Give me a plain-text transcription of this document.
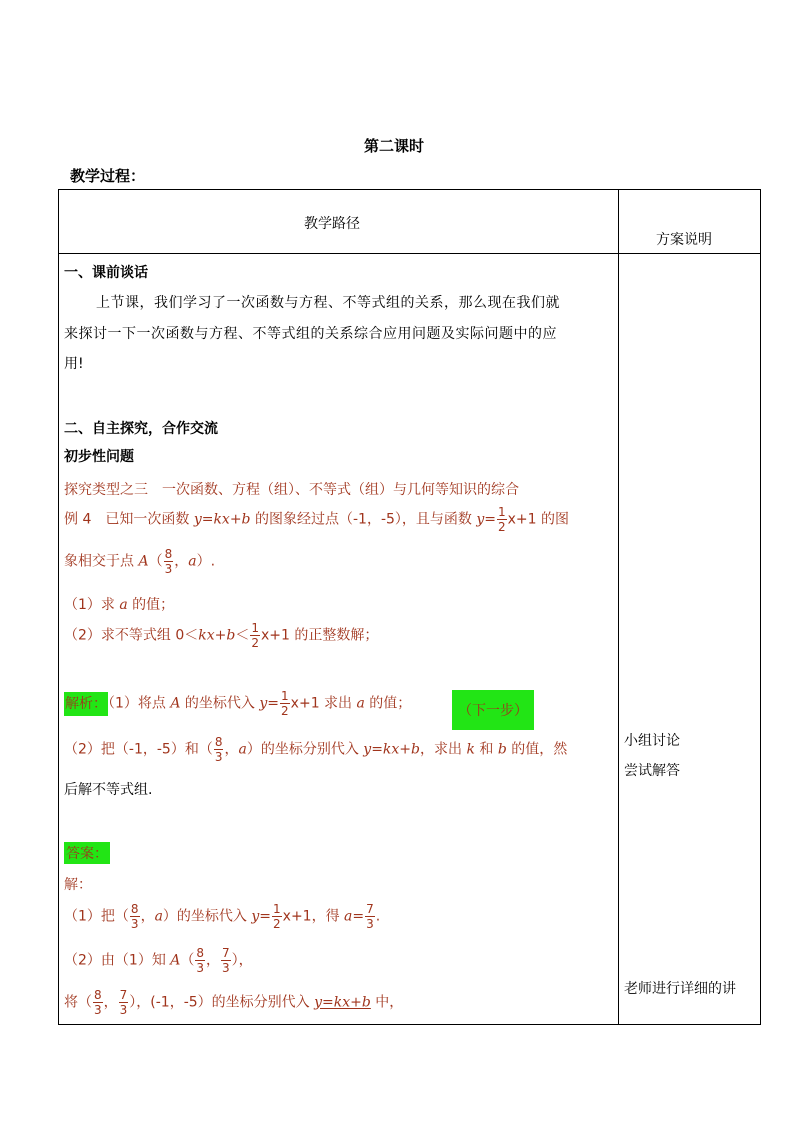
第二课时
教学过程：
教学路径
方案说明
一、课前谈话
上节课，我们学习了一次函数与方程、不等式组的关系，那么现在我们就
来探讨一下一次函数与方程、不等式组的关系综合应用问题及实际问题中的应
用!
二、自主探究，合作交流
初步性问题
探究类型之三　一次函数、方程（组）、不等式（组）与几何等知识的综合
例 4　已知一次函数 y=kx+b 的图象经过点（-1，-5），且与函数 $y= \frac{1}{2} x+1$ 的图
象相交于点 $A( \frac{8}{3}$ ，a）.
（1）求 a 的值；
（2）求不等式组 $0<kx+b< \frac{1}{2} x+1$ 的正整数解；
解析：（1）将点 A 的坐标代入 $y= \frac{1}{2} x+1$ 求出 a 的值；	（下一步）
（2）把（-1，-5）和（ $\frac{8}{3}$ ，a）的坐标分别代入 y=kx+b，求出 k 和 b 的值，然
后解不等式组.
答案：
解：
（1）把（ $\frac{8}{3}$ ，a）的坐标代入 $y= \frac{1}{2} x+1$，得 $a= \frac{7}{3}$ .
（2）由（1）知 $A( \frac{8}{3}$ ， $\frac{7}{3}$ ），
将（ $\frac{8}{3}$ ， $\frac{7}{3}$ ），(-1，-5）的坐标分别代入 y=kx+b 中，
小组讨论
尝试解答
老师进行详细的讲
